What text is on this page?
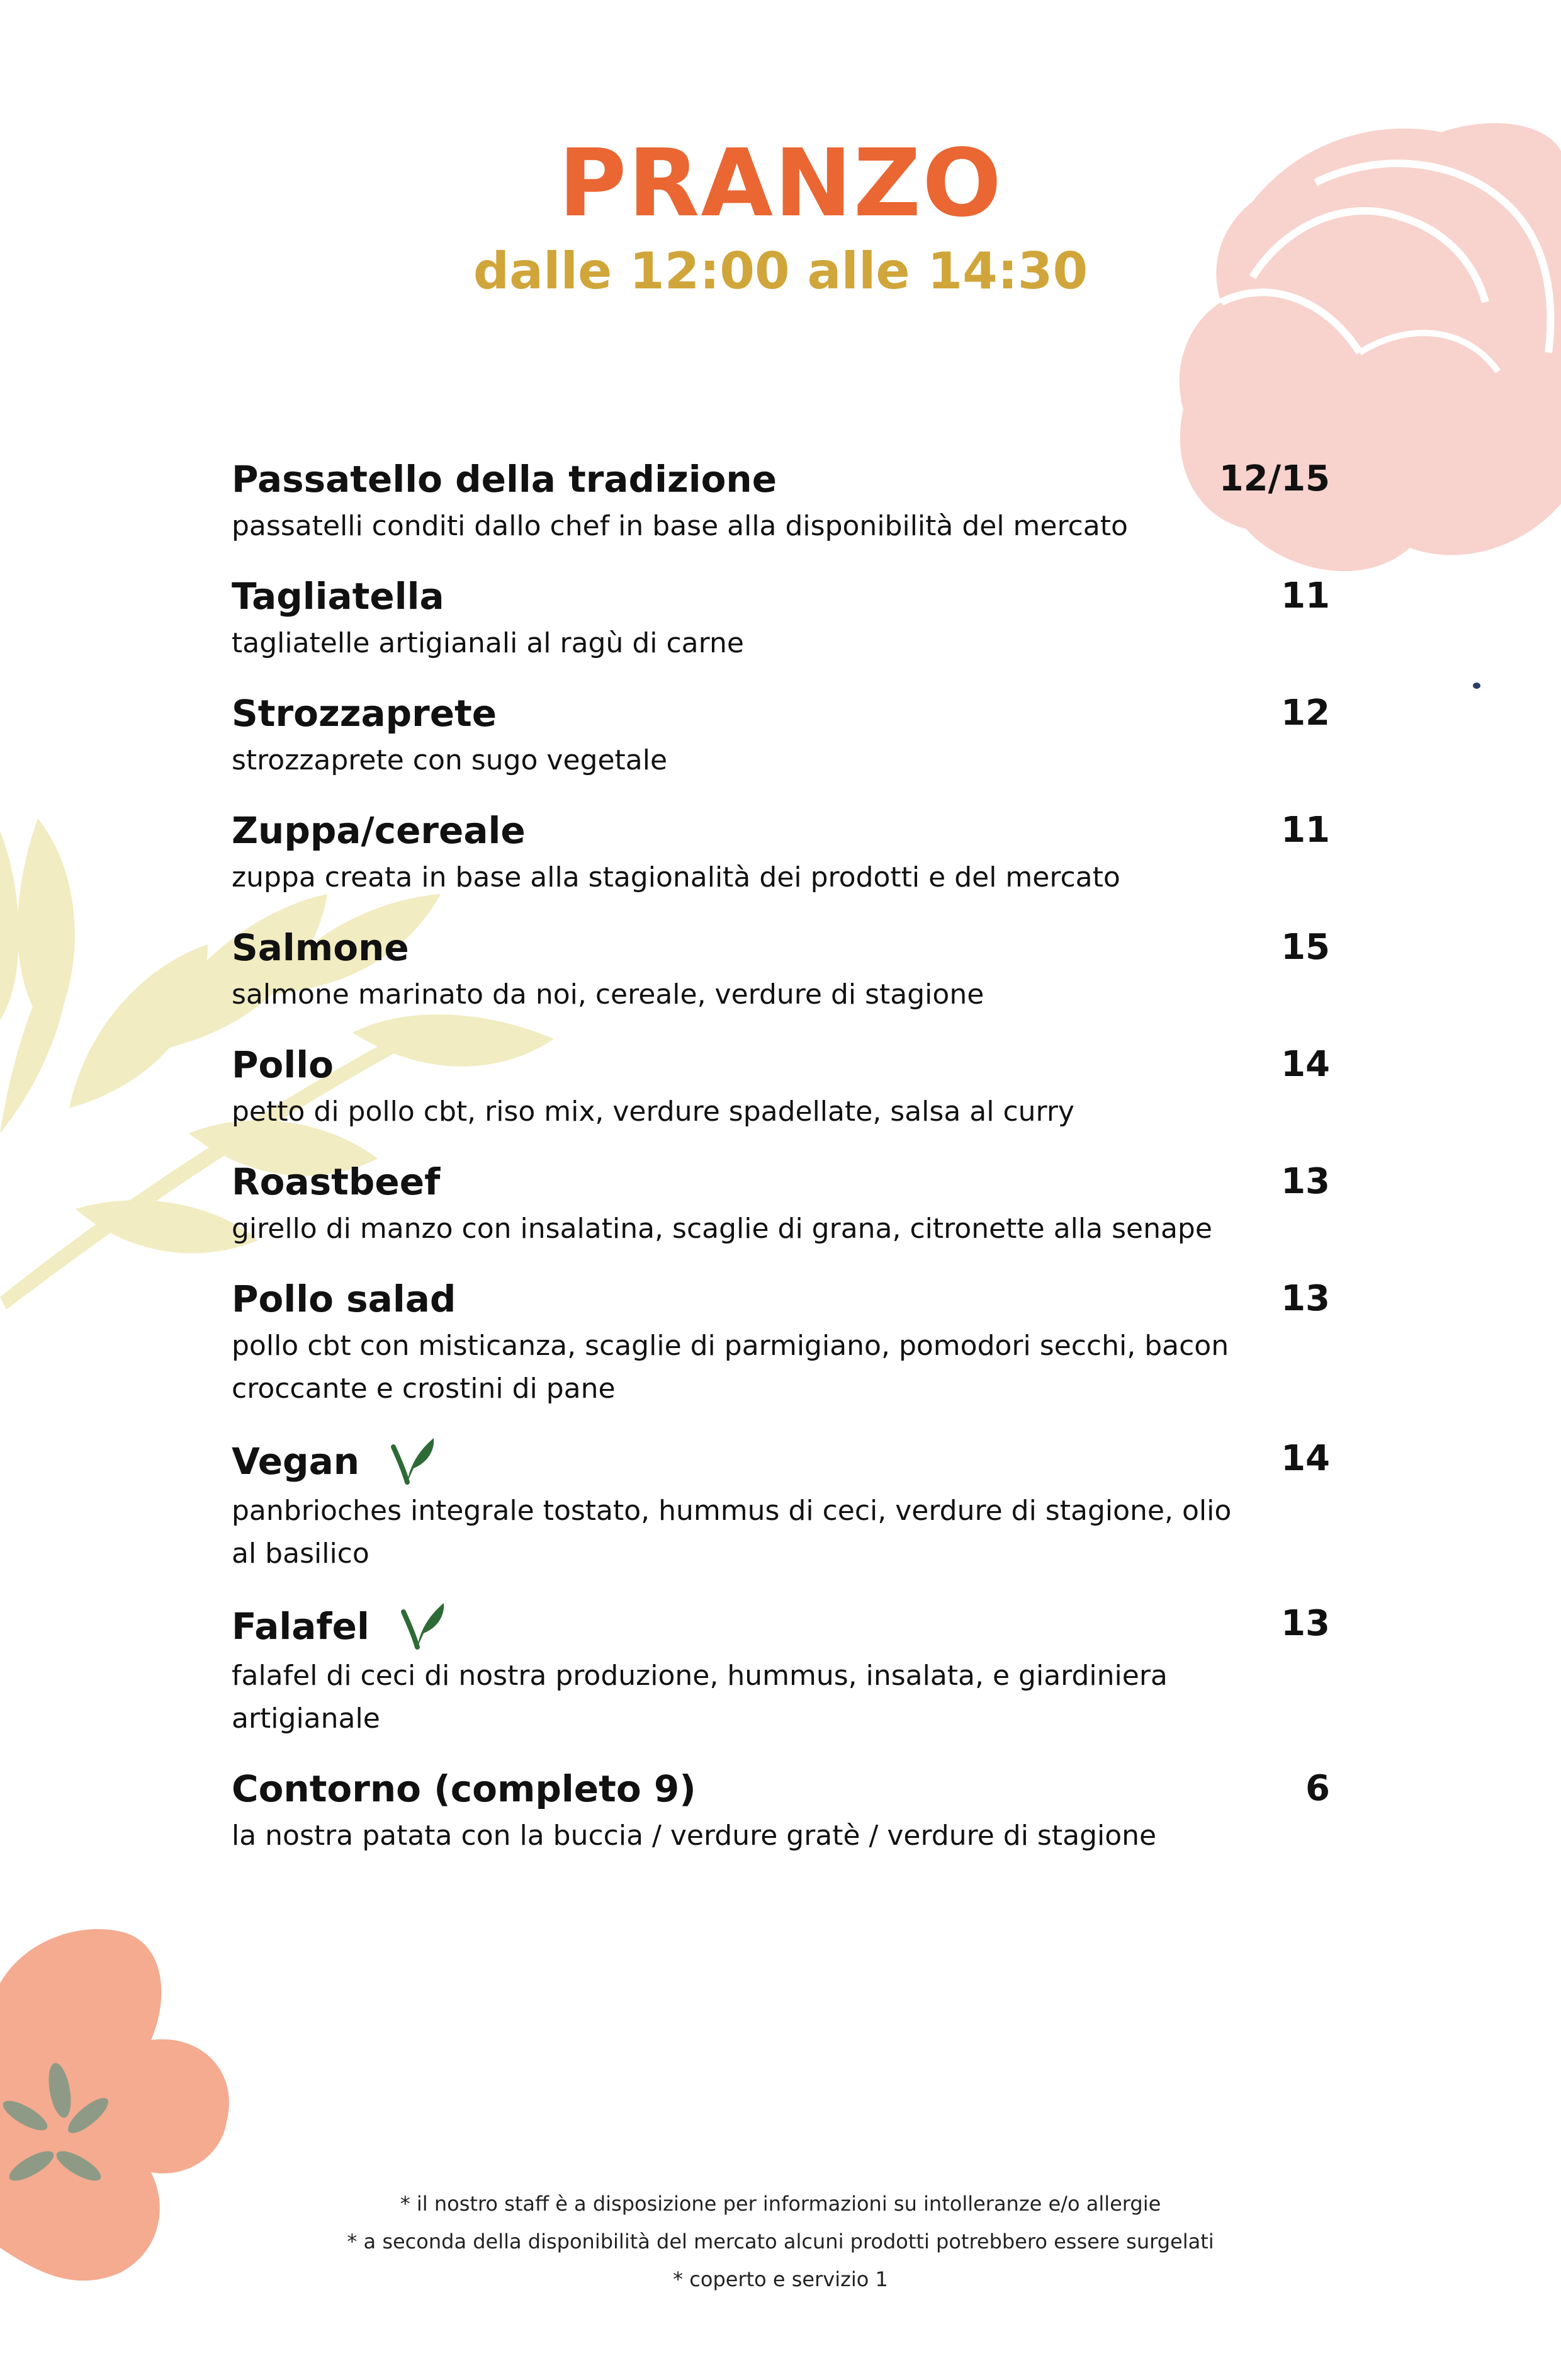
PRANZO
dalle 12:00 alle 14:30
Passatello della tradizione	12/15
passatelli conditi dallo chef in base alla disponibilità del mercato
Tagliatella	11
tagliatelle artigianali al ragù di carne
Strozzaprete	12
strozzaprete con sugo vegetale
Zuppa/cereale	11
zuppa creata in base alla stagionalità dei prodotti e del mercato
Salmone	15
salmone marinato da noi, cereale, verdure di stagione
Pollo	14
petto di pollo cbt, riso mix, verdure spadellate, salsa al curry
Roastbeef	13
girello di manzo con insalatina, scaglie di grana, citronette alla senape
Pollo salad	13
pollo cbt con misticanza, scaglie di parmigiano, pomodori secchi, bacon croccante e crostini di pane
Vegan	14
panbrioches integrale tostato, hummus di ceci, verdure di stagione, olio al basilico
Falafel	13
falafel di ceci di nostra produzione, hummus, insalata, e giardiniera artigianale
Contorno (completo 9)	6
la nostra patata con la buccia / verdure gratè / verdure di stagione
* il nostro staff è a disposizione per informazioni su intolleranze e/o allergie
* a seconda della disponibilità del mercato alcuni prodotti potrebbero essere surgelati
* coperto e servizio 1
